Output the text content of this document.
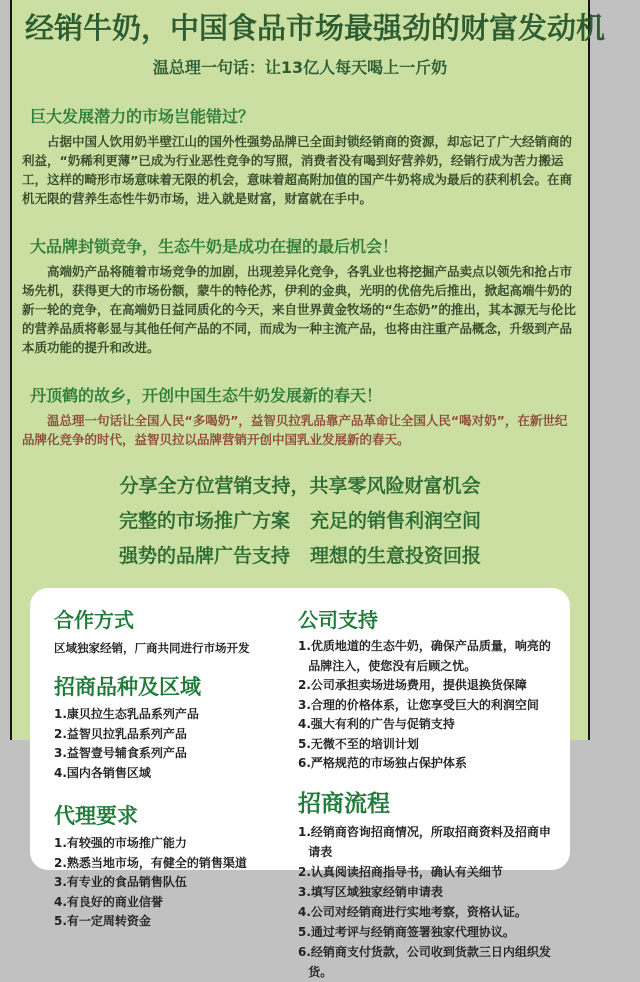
经销牛奶，中国食品市场最强劲的财富发动机
温总理一句话：让13亿人每天喝上一斤奶
巨大发展潜力的市场岂能错过？

占据中国人饮用奶半壁江山的国外性强势品牌已全面封锁经销商的资源，却忘记了广大经销商的利益，“奶稀利更薄”已成为行业恶性竞争的写照，消费者没有喝到好营养奶，经销行成为苦力搬运工，这样的畸形市场意味着无限的机会，意味着超高附加值的国产牛奶将成为最后的获利机会。在商机无限的营养生态性牛奶市场，进入就是财富，财富就在手中。

大品牌封锁竞争，生态牛奶是成功在握的最后机会！

高端奶产品将随着市场竞争的加剧，出现差异化竞争，各乳业也将挖掘产品卖点以领先和抢占市场先机，获得更大的市场份额，蒙牛的特伦苏，伊利的金典，光明的优倍先后推出，掀起高端牛奶的新一轮的竞争，在高端奶日益同质化的今天，来自世界黄金牧场的“生态奶”的推出，其本源无与伦比的营养品质将彰显与其他任何产品的不同，而成为一种主流产品，也将由注重产品概念，升级到产品本质功能的提升和改进。

丹顶鹤的故乡，开创中国生态牛奶发展新的春天！

温总理一句话让全国人民“多喝奶”，益智贝拉乳品靠产品革命让全国人民“喝对奶”，在新世纪品牌化竞争的时代，益智贝拉以品牌营销开创中国乳业发展新的春天。

分享全方位营销支持，共享零风险财富机会
完整的市场推广方案 充足的销售利润空间
强势的品牌广告支持 理想的生意投资回报
合作方式

区域独家经销，厂商共同进行市场开发

招商品种及区域
1.康贝拉生态乳品系列产品
2.益智贝拉乳品系列产品
3.益智壹号辅食系列产品
4.国内各销售区域
代理要求
1.有较强的市场推广能力
2.熟悉当地市场，有健全的销售渠道
3.有专业的食品销售队伍
4.有良好的商业信誉
5.有一定周转资金
公司支持
1.优质地道的生态牛奶，确保产品质量，响亮的品牌注入，使您没有后顾之忧。
2.公司承担卖场进场费用，提供退换货保障
3.合理的价格体系，让您享受巨大的利润空间
4.强大有利的广告与促销支持
5.无微不至的培训计划
6.严格规范的市场独占保护体系
招商流程
1.经销商咨询招商情况，所取招商资料及招商申请表
2.认真阅读招商指导书，确认有关细节
3.填写区域独家经销申请表
4.公司对经销商进行实地考察，资格认证。
5.通过考评与经销商签署独家代理协议。
6.经销商支付货款，公司收到货款三日内组织发货。
